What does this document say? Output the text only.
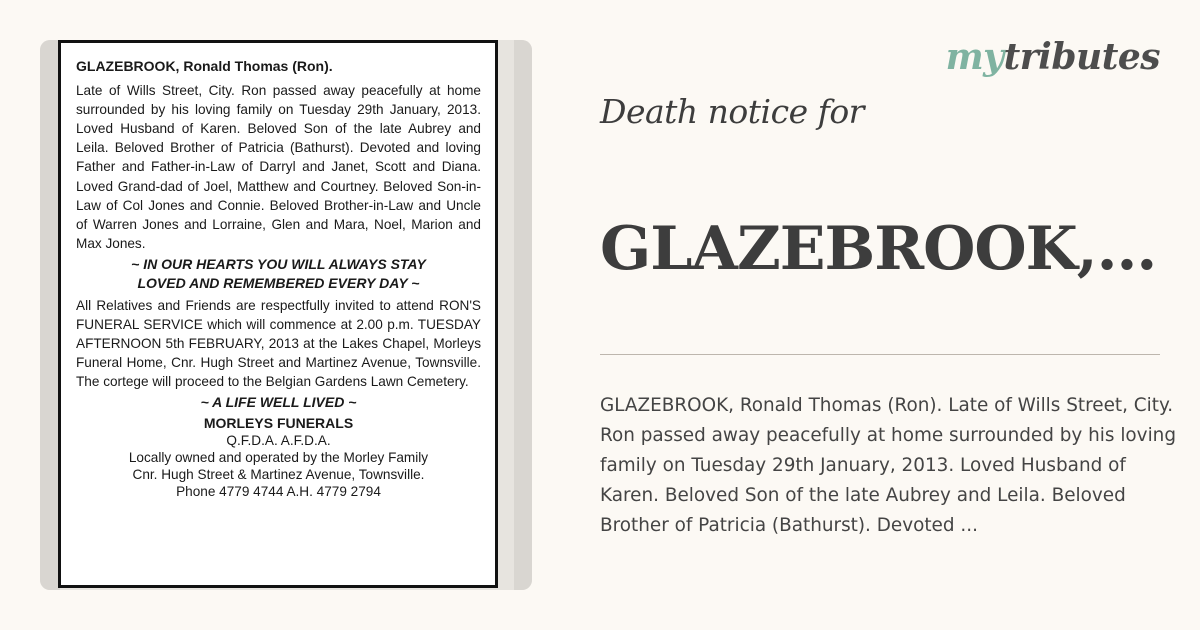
GLAZEBROOK, Ronald Thomas (Ron).
Late of Wills Street, City. Ron passed away peacefully at home surrounded by his loving family on Tuesday 29th January, 2013. Loved Husband of Karen. Beloved Son of the late Aubrey and Leila. Beloved Brother of Patricia (Bathurst). Devoted and loving Father and Father-in-Law of Darryl and Janet, Scott and Diana. Loved Grand-dad of Joel, Matthew and Courtney. Beloved Son-in-Law of Col Jones and Connie. Beloved Brother-in-Law and Uncle of Warren Jones and Lorraine, Glen and Mara, Noel, Marion and Max Jones.
~ IN OUR HEARTS YOU WILL ALWAYS STAY
LOVED AND REMEMBERED EVERY DAY ~
All Relatives and Friends are respectfully invited to attend RON'S FUNERAL SERVICE which will commence at 2.00 p.m. TUESDAY AFTERNOON 5th FEBRUARY, 2013 at the Lakes Chapel, Morleys Funeral Home, Cnr. Hugh Street and Martinez Avenue, Townsville. The cortege will proceed to the Belgian Gardens Lawn Cemetery.
~ A LIFE WELL LIVED ~
MORLEYS FUNERALS
Q.F.D.A. A.F.D.A.
Locally owned and operated by the Morley Family
Cnr. Hugh Street & Martinez Avenue, Townsville.
Phone 4779 4744 A.H. 4779 2794
mytributes
Death notice for
GLAZEBROOK,...
GLAZEBROOK, Ronald Thomas (Ron). Late of Wills Street, City. Ron passed away peacefully at home surrounded by his loving family on Tuesday 29th January, 2013. Loved Husband of Karen. Beloved Son of the late Aubrey and Leila. Beloved Brother of Patricia (Bathurst). Devoted ...
